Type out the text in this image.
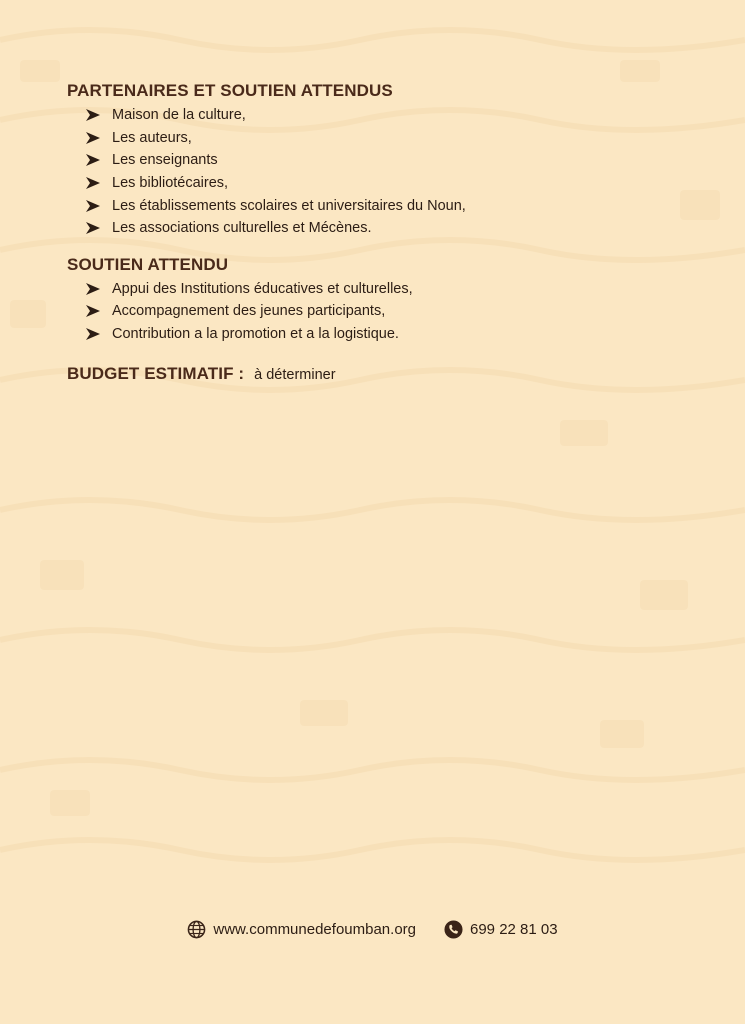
PARTENAIRES ET SOUTIEN ATTENDUS
Maison de la culture,
Les auteurs,
Les enseignants
Les bibliotécaires,
Les établissements scolaires et universitaires du Noun,
Les associations culturelles et Mécènes.
SOUTIEN ATTENDU
Appui des Institutions éducatives et culturelles,
Accompagnement des jeunes participants,
Contribution a la promotion et a la logistique.
BUDGET ESTIMATIF : à déterminer
www.communedefoumban.org	699 22 81 03
